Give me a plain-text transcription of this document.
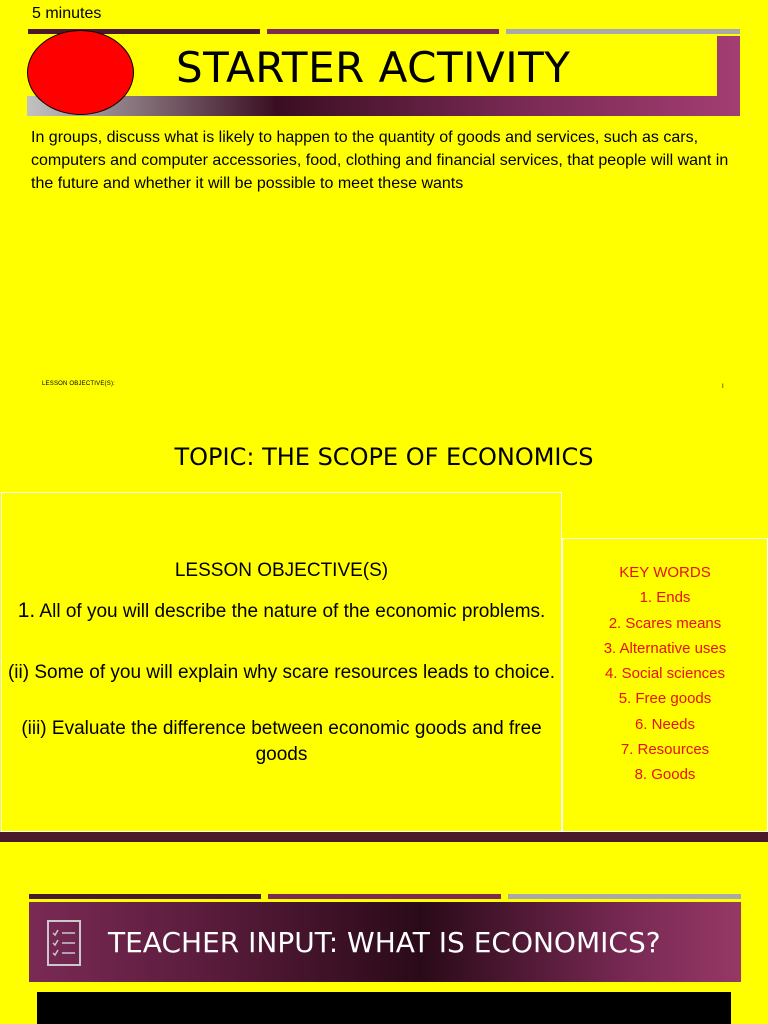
5 minutes
STARTER ACTIVITY
In groups, discuss what is likely to happen to the quantity of goods and services, such as cars, computers and computer accessories, food, clothing and financial services, that people will want in the future and whether it will be possible to meet these wants
LESSON OBJECTIVE(S):	I
TOPIC: THE SCOPE OF ECONOMICS
LESSON OBJECTIVE(S)
1. All of you will describe the nature of the economic problems.
(ii) Some of you will explain why scare resources leads to choice.
(iii) Evaluate the difference between economic goods and free goods
KEY WORDS
1. Ends
2. Scares means
3. Alternative uses
4. Social sciences
5. Free goods
6. Needs
7. Resources
8. Goods
TEACHER INPUT: WHAT IS ECONOMICS?
